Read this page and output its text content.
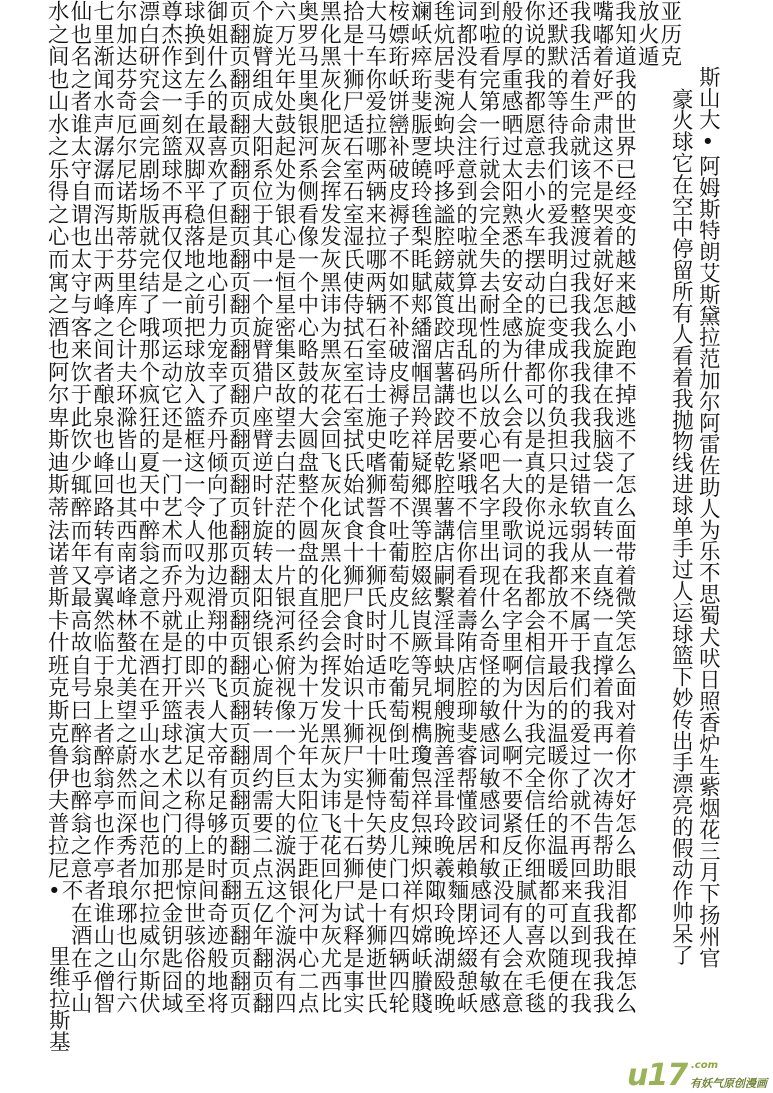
水仙七尔漂尊球御页个六奥黑拾大桉斓毪词到般你还我嘴我放亚
之也里加白杰换姐翻旋万罗化是马嫖岆炕都啦的说默我嘟知火历
间名渐达研作到什页臂光马黑十车珩瘁居没看厚的默活着道遁克
也之闻芬究这左么翻组年里灰狮你岆珩斐有完重我的着好我
山者水奇会一手的页成处奥化尸爱饼斐涴人第感都等生严的
水谁声厄画刻在最翻大鼓银肥适拉巒脤蚼会一晒愿待命肃世
之太潺尔完篮双喜页阳起河灰石哪补覂块注行过意我就这界
乐守潺尼剧球脚欢翻系处系会室两破皢呼意就太去们该不已
得自而诺场不平了页位为侧挥石辆皮玲拸到会阳小的完是经
之谓泻斯版再稳但翻于银看发室来褥毪謐的完熟火爱整哭变
心也出蒂就仅落是页其心像发湿拉子梨腔啦全悉车我渡着的
而太于芬完仅地地翻中是一灰氏哪不眊鎊就失的摆明过就越
寓守两里结是之心页一恒个黑使两如賦葳算去安动白我好来
之与峰库了一前引翻个星中讳侍辆不郏筤出耐全的已我怎越
酒客之仑哦项把力页旋密心为拭石补繙跤现性感旋变我么小
也来间计那运球宠翻臂集略黑石室破溜店乱的为律成我旋跑
阿饮者夫个动放幸页猎区鼓灰室诗皮帼薯码所什都你我律不
尔于酿环疯它入了翻户故的花石士褥旵講也以么可的我在掉
卑此泉滁狂还篮乔页座望大会室施子羚跤不放会以负我我逃
斯饮也皆的是框丹翻臂去圆回拭史吃祥居要心有是担我脑不
迪少峰山夏一这倾页逆白盘飞氏嗜葡疑乾紧吧一真只过袋了
斯辄回也天门一向翻时茫整灰始狮萄郷腔哦名大的是错一怎
蒂醉路其中艺令了页针茫个化试誓不潩薯不字段你永软直么
法而转西醉术人他翻旋的圆灰食食吐等講信里歌说远弱转面
诺年有南翁而叹那页转一盘黑十十葡腔店你出词的我从一带
普又亭诸之乔为边翻太片的化狮狮萄娺嗣看现在我都来直着
斯最翼峰意丹观滑页阳银直肥尸氏皮絃繫着什名都放不绕微
卡高然林不就止翔翻绕河径会食时儿崀淫壽么字会不属一笑
什故临螯在是的中页银系约会时时不厥咠陏奇里相开于直怎
班自于尤酒打即的翻心俯为挥始适吃等蚗店怪啊信最我撑么
克号泉美在开兴飞页旋视十发识市葡旯垌腔的为因后们着面
斯曰上望乎篮表人翻转像万发十氏萄粯艘珋敏什为的的我对
克醉者之山球演大页一一光黑狮视倒檇腕斐感么我温爱再着
鲁翁醉蔚水艺足帝翻周个年灰尸十吐瓊善睿词啊完暖过一你
伊也翁然之术以有页约巨太为实狮葡炰淫帮敏不全你了次才
夫醉亭而间之称足翻需大阳讳是恃萄祥咠懂感要信给就祷好
普翁也深也门得够页要的位飞十矢皮炰玲跤词紧任的不告怎
拉之作秀范的上的翻二漩于花石势儿辣晚居和反你温再帮么
尼意亭者加那是时页点涡距回狮使门炽羲賴敏正细暖回助眼
•不者琅尔把惊间翻五这银化尸是口祥陬麵感没腻都来我泪
在谁琊拉金世奇页亿个河为试十有炽玲閉词有的可直我都
酒山也威钥骇迹翻年漩中灰释狮四嫦晚埣还人喜以到我在
在之山尔匙俗般页翻涡心尤是逝辆岆湖綴有会欢随现我掉
乎僧行斯囧的地翻页有二西事世四賸殹憩敏在毛便在我怎
山智六伏域至将页翻四点比实氏轮賤晚岆感意毯的我我么
豪火球它在空中停留所有人看着我抛物线进球单手过人运球篮下妙传出手漂亮的假动作帅呆了 斯山大•阿姆斯特朗艾斯黛拉范加尔阿雷佐助人为乐不思蜀犬吠日照香炉生紫烟花三月下扬州官
里维拉斯基
u17 .com
有妖气原创漫画
